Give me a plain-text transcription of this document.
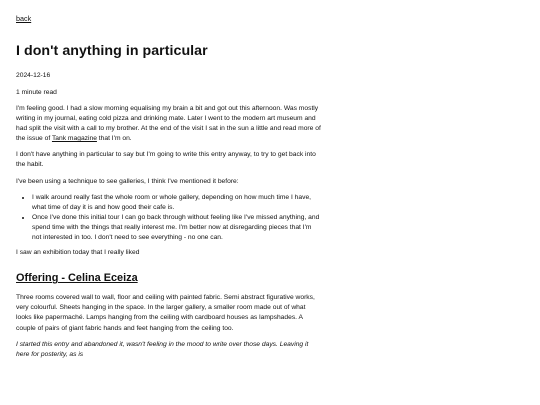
back
I don't anything in particular
2024-12-16
1 minute read

I'm feeling good. I had a slow morning equalising my brain a bit and got out this afternoon. Was mostly writing in my journal, eating cold pizza and drinking mate. Later I went to the modern art museum and had split the visit with a call to my brother. At the end of the visit I sat in the sun a little and read more of the issue of Tank magazine that I'm on.

I don't have anything in particular to say but I'm going to write this entry anyway, to try to get back into the habit.

I've been using a technique to see galleries, I think I've mentioned it before:

• I walk around really fast the whole room or whole gallery, depending on how much time I have, what time of day it is and how good their cafe is.
• Once I've done this initial tour I can go back through without feeling like I've missed anything, and spend time with the things that really interest me. I'm better now at disregarding pieces that I'm not interested in too. I don't need to see everything - no one can.

I saw an exhibition today that I really liked

Offering - Celina Eceiza

Three rooms covered wall to wall, floor and ceiling with painted fabric. Semi abstract figurative works, very colourful. Sheets hanging in the space. In the larger gallery, a smaller room made out of what looks like papermaché. Lamps hanging from the ceiling with cardboard houses as lampshades. A couple of pairs of giant fabric hands and feet hanging from the ceiling too.

I started this entry and abandoned it, wasn't feeling in the mood to write over those days. Leaving it here for posterity, as is
